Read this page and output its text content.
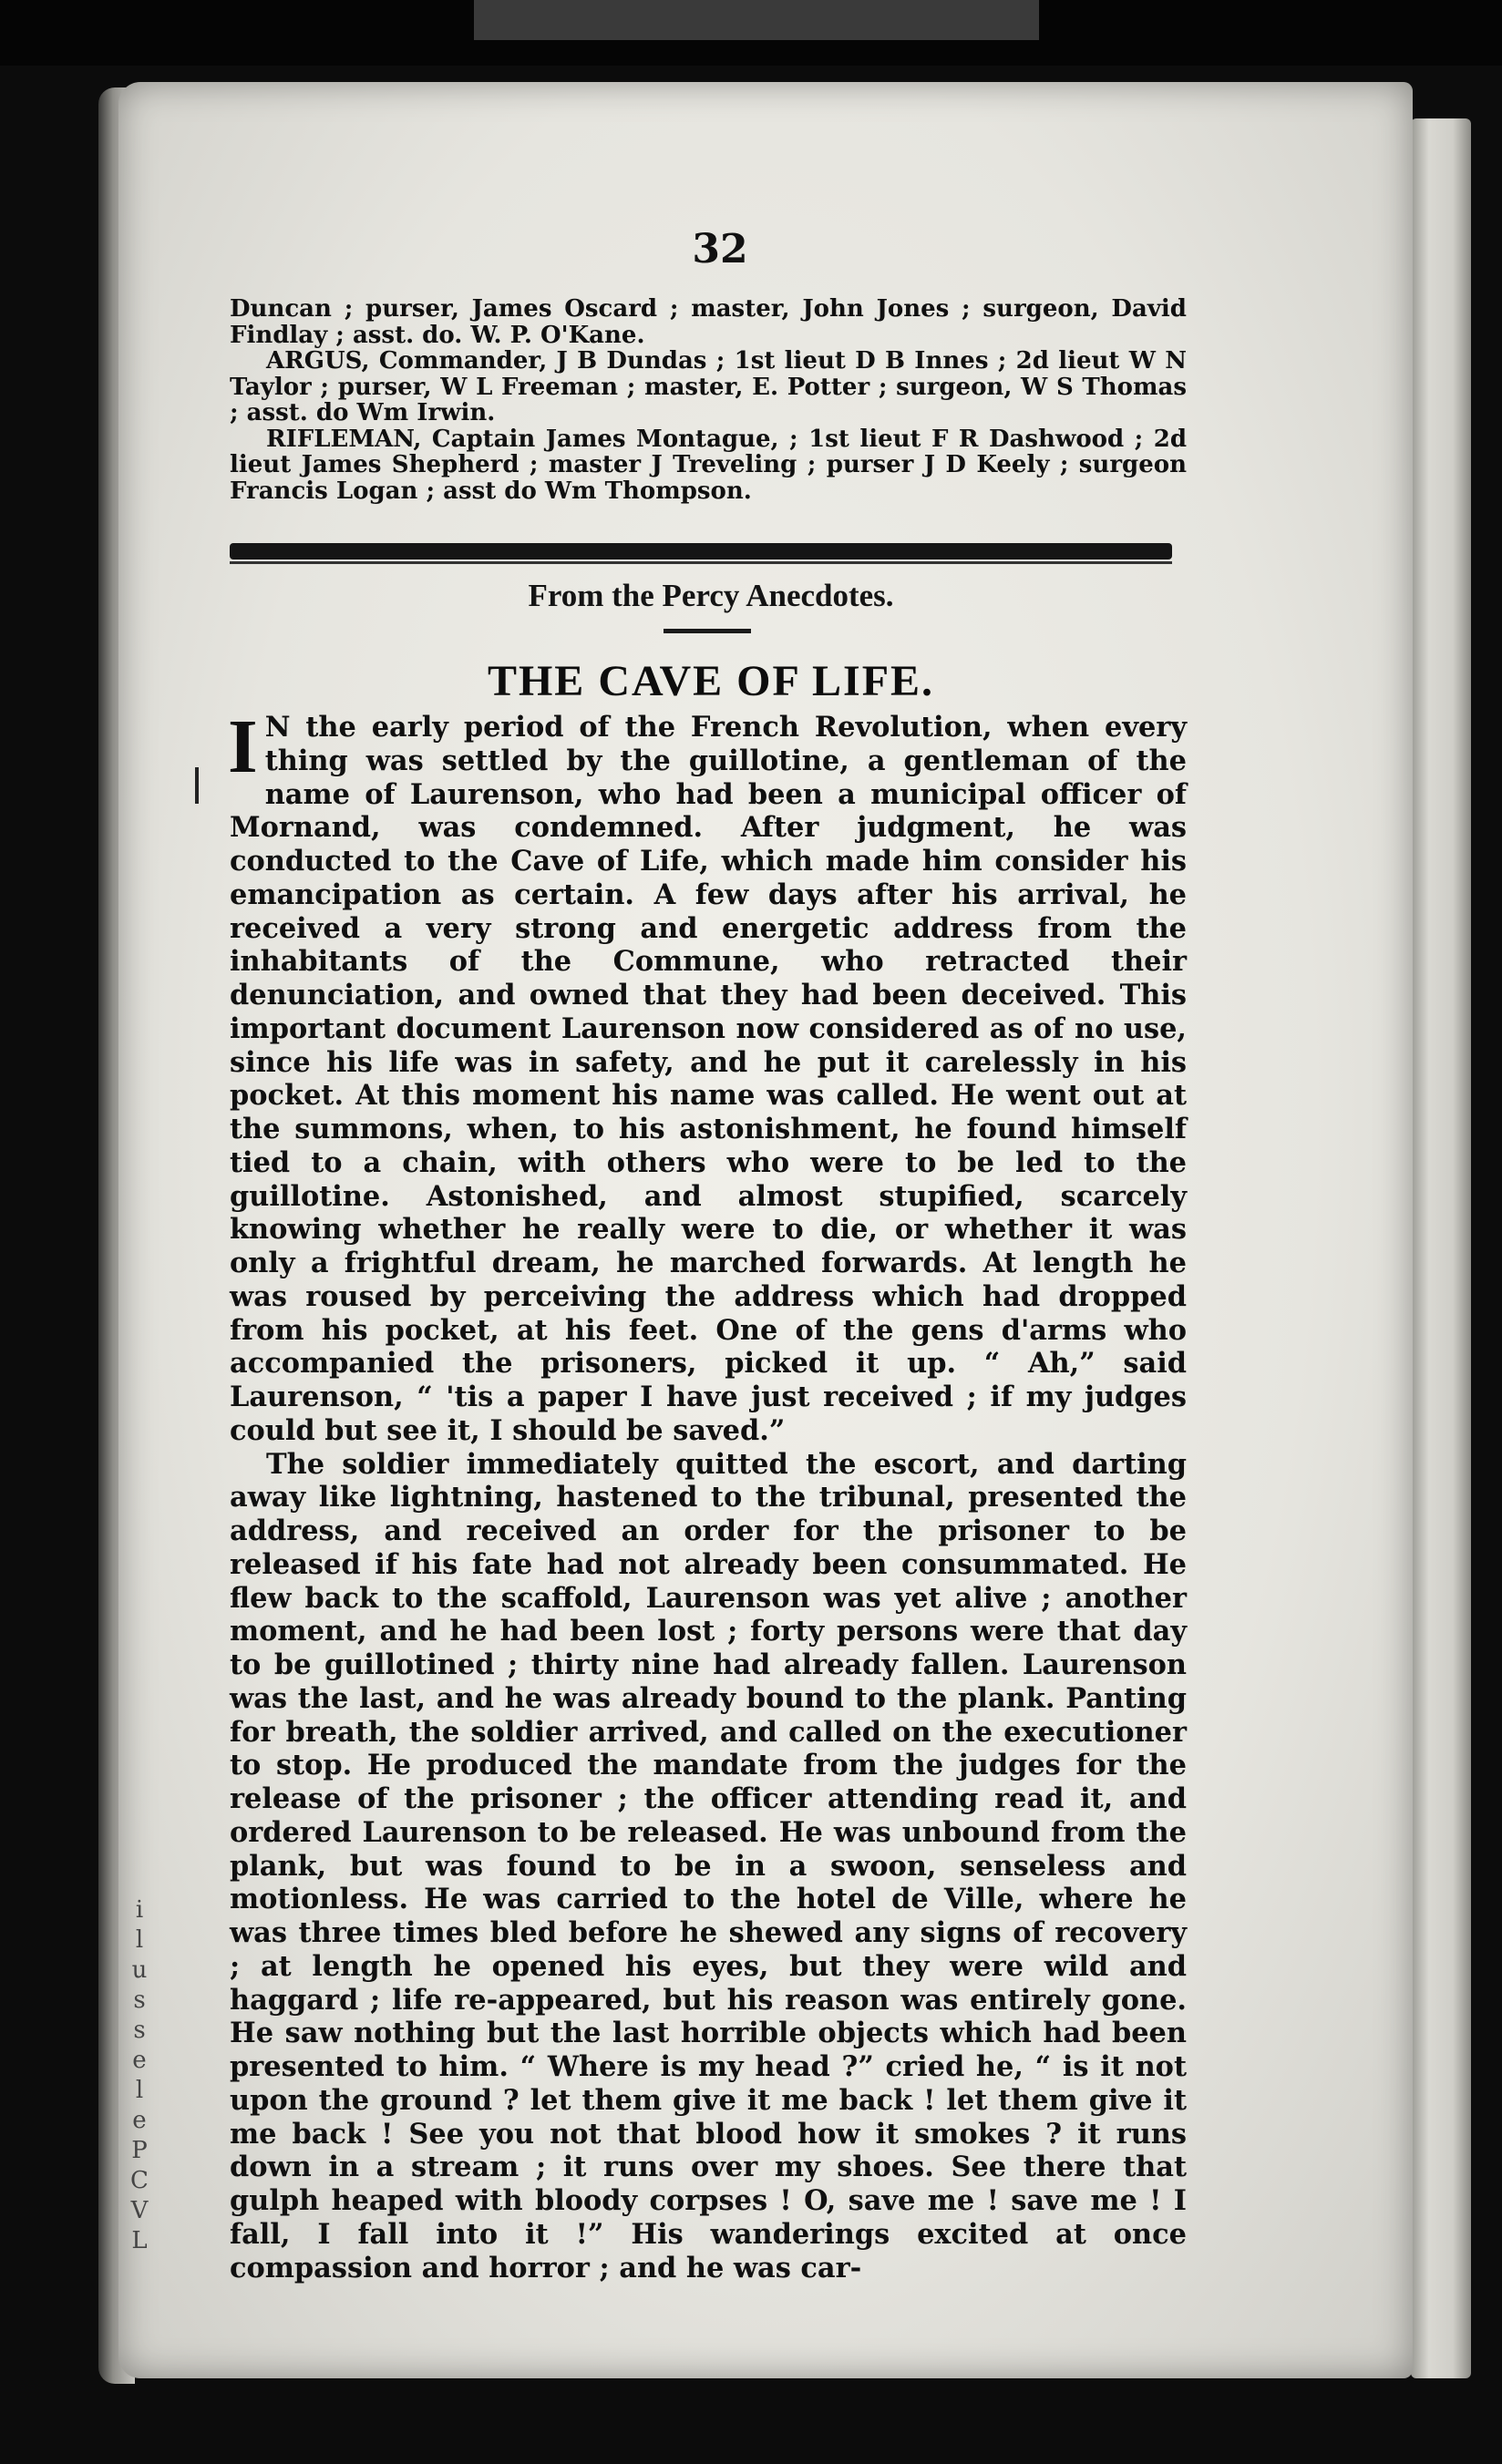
i
l
u
s
s
e
l
e
P
C
V
L
32

Duncan ; purser, James Oscard ; master, John Jones ; surgeon, David Findlay ; asst. do. W. P. O'Kane.

ARGUS, Commander, J B Dundas ; 1st lieut D B Innes ; 2d lieut W N Taylor ; purser, W L Freeman ; master, E. Potter ; surgeon, W S Thomas ; asst. do Wm Irwin.

RIFLEMAN, Captain James Montague, ; 1st lieut F R Dashwood ; 2d lieut James Shepherd ; master J Treveling ; purser J D Keely ; surgeon Francis Logan ; asst do Wm Thompson.

From the Percy Anecdotes.
THE CAVE OF LIFE.

I N the early period of the French Revolution, when every thing was settled by the guillotine, a gentleman of the name of Laurenson, who had been a municipal officer of Mornand, was condemned. After judgment, he was conducted to the Cave of Life, which made him consider his emancipation as certain. A few days after his arrival, he received a very strong and energetic address from the inhabitants of the Commune, who retracted their denunciation, and owned that they had been deceived. This important document Laurenson now considered as of no use, since his life was in safety, and he put it carelessly in his pocket. At this moment his name was called. He went out at the summons, when, to his astonishment, he found himself tied to a chain, with others who were to be led to the guillotine. Astonished, and almost stupified, scarcely knowing whether he really were to die, or whether it was only a frightful dream, he marched forwards. At length he was roused by perceiving the address which had dropped from his pocket, at his feet. One of the gens d'arms who accompanied the prisoners, picked it up. “ Ah,” said Laurenson, “ 'tis a paper I have just received ; if my judges could but see it, I should be saved.”

The soldier immediately quitted the escort, and darting away like lightning, hastened to the tribunal, presented the address, and received an order for the prisoner to be released if his fate had not already been consummated. He flew back to the scaffold, Laurenson was yet alive ; another moment, and he had been lost ; forty persons were that day to be guillotined ; thirty nine had already fallen. Laurenson was the last, and he was already bound to the plank. Panting for breath, the soldier arrived, and called on the executioner to stop. He produced the mandate from the judges for the release of the prisoner ; the officer attending read it, and ordered Laurenson to be released. He was unbound from the plank, but was found to be in a swoon, senseless and motionless. He was carried to the hotel de Ville, where he was three times bled before he shewed any signs of recovery ; at length he opened his eyes, but they were wild and haggard ; life re-appeared, but his reason was entirely gone. He saw nothing but the last horrible objects which had been presented to him. “ Where is my head ?” cried he, “ is it not upon the ground ? let them give it me back ! let them give it me back ! See you not that blood how it smokes ? it runs down in a stream ; it runs over my shoes. See there that gulph heaped with bloody corpses ! O, save me ! save me ! I fall, I fall into it !” His wanderings excited at once compassion and horror ; and he was car-
